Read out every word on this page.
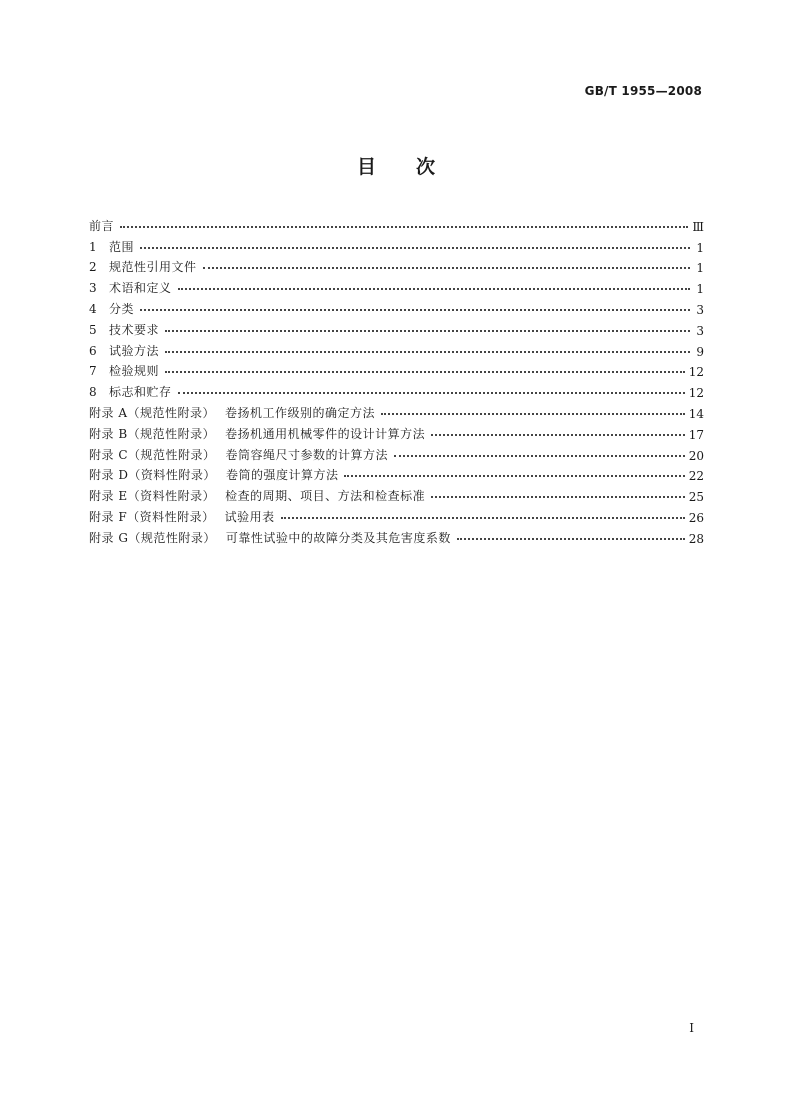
GB/T 1955—2008
目 次
前言	Ⅲ
1 范围	1
2 规范性引用文件	1
3 术语和定义	1
4 分类	3
5 技术要求	3
6 试验方法	9
7 检验规则	12
8 标志和贮存	12
附录 A（规范性附录） 卷扬机工作级别的确定方法	14
附录 B（规范性附录） 卷扬机通用机械零件的设计计算方法	17
附录 C（规范性附录） 卷筒容绳尺寸参数的计算方法	20
附录 D（资料性附录） 卷筒的强度计算方法	22
附录 E（资料性附录） 检查的周期、项目、方法和检查标准	25
附录 F（资料性附录） 试验用表	26
附录 G（规范性附录） 可靠性试验中的故障分类及其危害度系数	28
Ⅰ
